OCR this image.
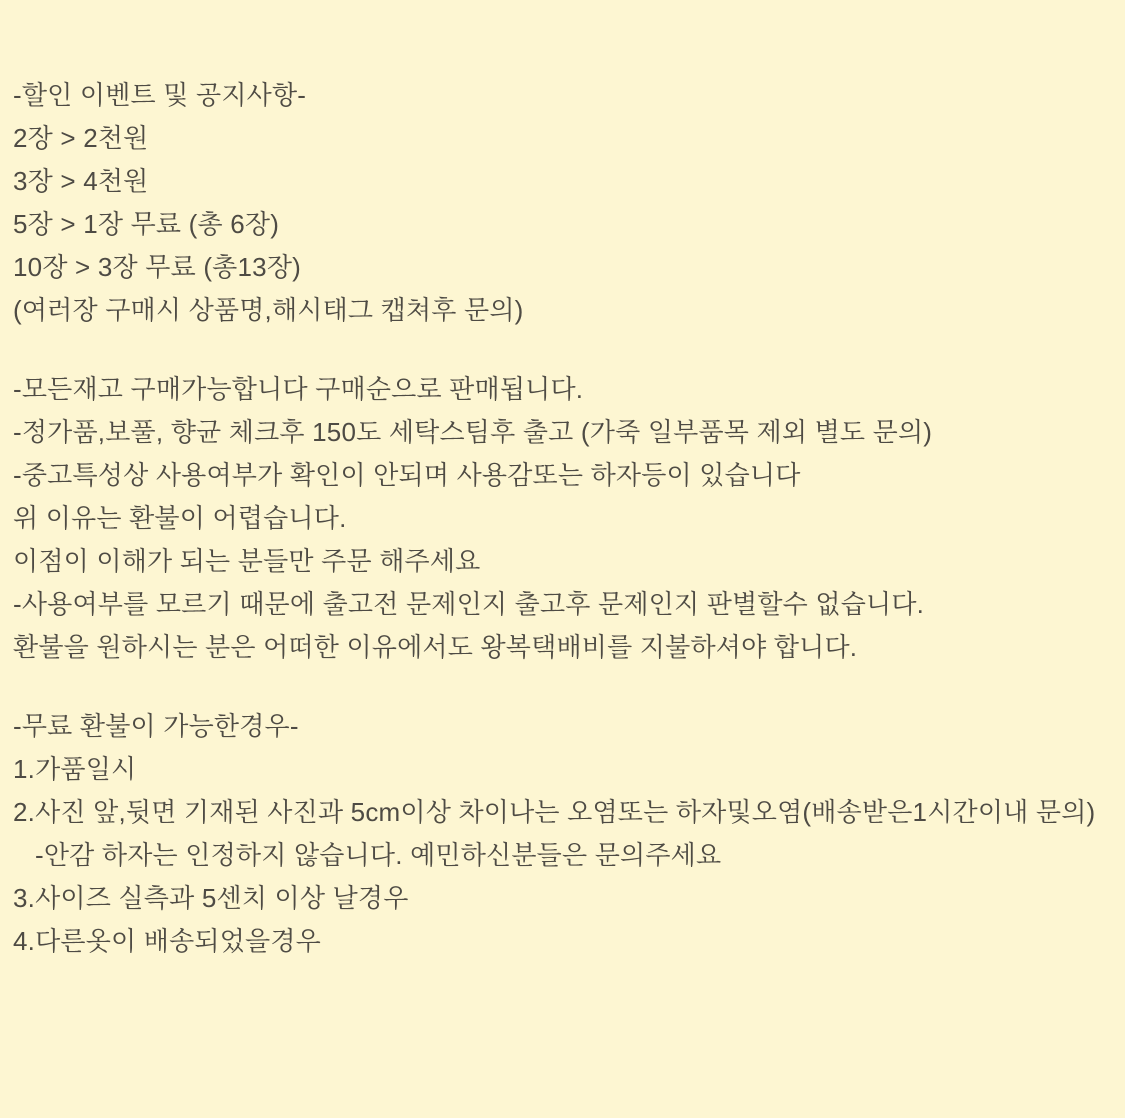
-할인 이벤트 및 공지사항-
2장 > 2천원
3장 > 4천원
5장 > 1장 무료 (총 6장)
10장 > 3장 무료 (총13장)
(여러장 구매시 상품명,해시태그 캡쳐후 문의)
-모든재고 구매가능합니다 구매순으로 판매됩니다.
-정가품,보풀, 향균 체크후 150도 세탁스팀후 출고 (가죽 일부품목 제외 별도 문의)
-중고특성상 사용여부가 확인이 안되며 사용감또는 하자등이 있습니다
위 이유는 환불이 어렵습니다.
이점이 이해가 되는 분들만 주문 해주세요
-사용여부를 모르기 때문에 출고전 문제인지 출고후 문제인지 판별할수 없습니다.
환불을 원하시는 분은 어떠한 이유에서도 왕복택배비를 지불하셔야 합니다.
-무료 환불이 가능한경우-
1.가품일시
2.사진 앞,뒷면 기재된 사진과 5cm이상 차이나는 오염또는 하자및오염(배송받은1시간이내 문의)
-안감 하자는 인정하지 않습니다. 예민하신분들은 문의주세요
3.사이즈 실측과 5센치 이상 날경우
4.다른옷이 배송되었을경우
